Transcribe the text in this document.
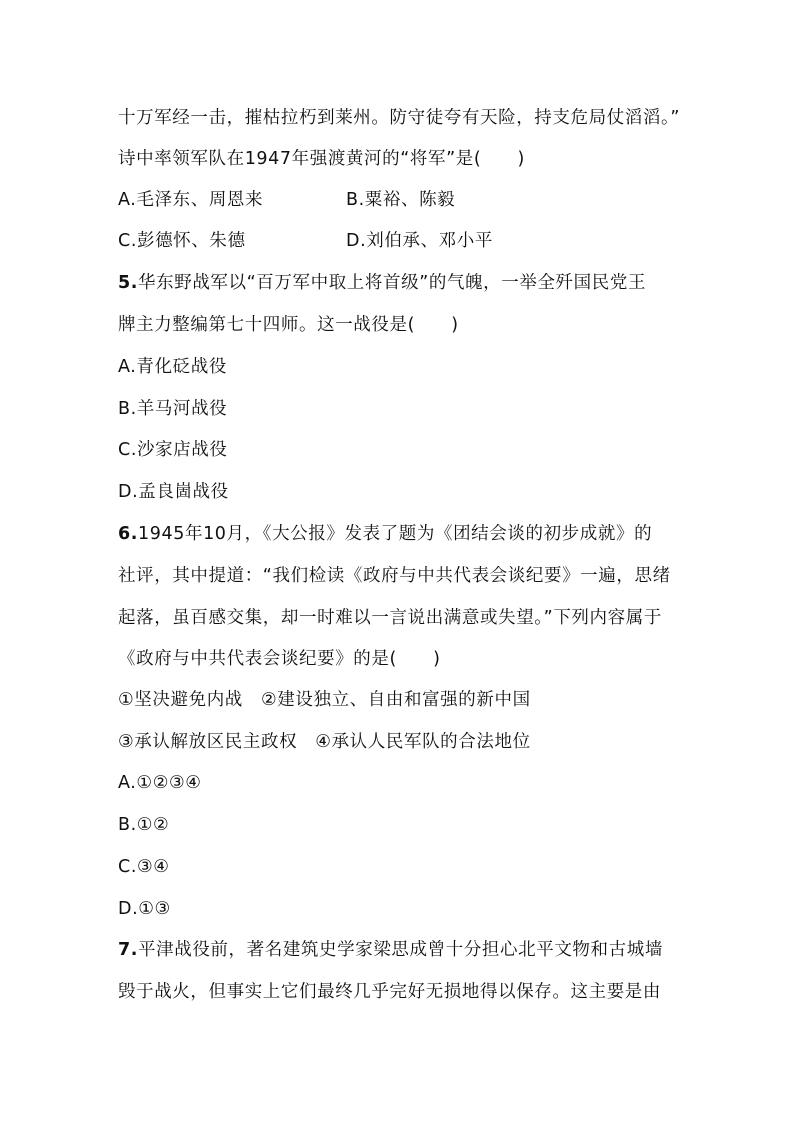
十万军经一击，摧枯拉朽到莱州。防守徒夸有天险，持支危局仗滔滔。”
诗中率领军队在1947年强渡黄河的“将军”是(　　)
A.毛泽东、周恩来	B.粟裕、陈毅
C.彭德怀、朱德	D.刘伯承、邓小平
5.华东野战军以“百万军中取上将首级”的气魄，一举全歼国民党王
牌主力整编第七十四师。这一战役是(　　)
A.青化砭战役
B.羊马河战役
C.沙家店战役
D.孟良崮战役
6.1945年10月，《大公报》发表了题为《团结会谈的初步成就》的
社评，其中提道：“我们检读《政府与中共代表会谈纪要》一遍，思绪
起落，虽百感交集，却一时难以一言说出满意或失望。”下列内容属于
《政府与中共代表会谈纪要》的是(　　)
①坚决避免内战　②建设独立、自由和富强的新中国
③承认解放区民主政权　④承认人民军队的合法地位
A.①②③④
B.①②
C.③④
D.①③
7.平津战役前，著名建筑史学家梁思成曾十分担心北平文物和古城墙
毁于战火，但事实上它们最终几乎完好无损地得以保存。这主要是由
